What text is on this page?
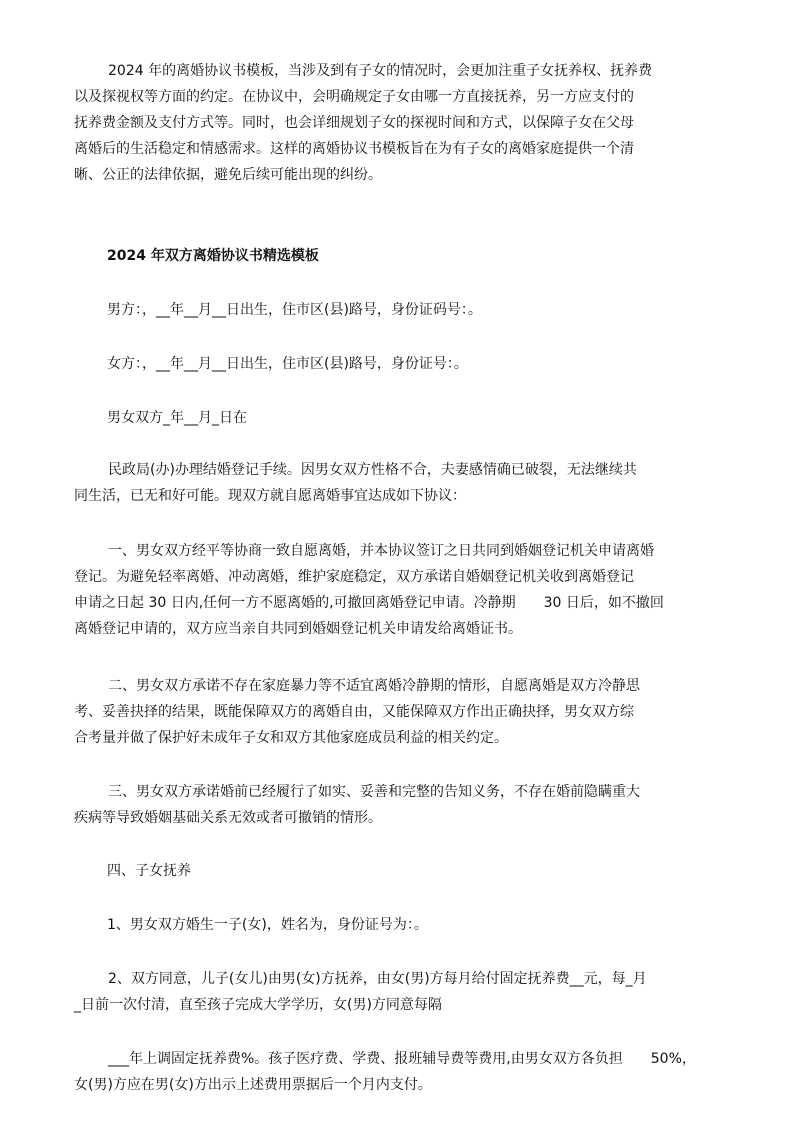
2024 年的离婚协议书模板，当涉及到有子女的情况时，会更加注重子女抚养权、抚养费
以及探视权等方面的约定。在协议中，会明确规定子女由哪一方直接抚养，另一方应支付的
抚养费金额及支付方式等。同时，也会详细规划子女的探视时间和方式，以保障子女在父母
离婚后的生活稳定和情感需求。这样的离婚协议书模板旨在为有子女的离婚家庭提供一个清
晰、公正的法律依据，避免后续可能出现的纠纷。

2024 年双方离婚协议书精选模板

男方：，__年__月__日出生，住市区(县)路号，身份证码号：。

女方：，__年__月__日出生，住市区(县)路号，身份证号：。

男女双方_年__月_日在

民政局(办)办理结婚登记手续。因男女双方性格不合，夫妻感情确已破裂，无法继续共
同生活，已无和好可能。现双方就自愿离婚事宜达成如下协议：

一、男女双方经平等协商一致自愿离婚，并本协议签订之日共同到婚姻登记机关申请离婚
登记。为避免轻率离婚、冲动离婚，维护家庭稳定，双方承诺自婚姻登记机关收到离婚登记
申请之日起 30 日内,任何一方不愿离婚的,可撤回离婚登记申请。冷静期　　30 日后，如不撤回
离婚登记申请的，双方应当亲自共同到婚姻登记机关申请发给离婚证书。

二、男女双方承诺不存在家庭暴力等不适宜离婚冷静期的情形，自愿离婚是双方冷静思
考、妥善抉择的结果，既能保障双方的离婚自由，又能保障双方作出正确抉择，男女双方综
合考量并做了保护好未成年子女和双方其他家庭成员利益的相关约定。

三、男女双方承诺婚前已经履行了如实、妥善和完整的告知义务，不存在婚前隐瞒重大
疾病等导致婚姻基础关系无效或者可撤销的情形。

四、子女抚养

1、男女双方婚生一子(女)，姓名为，身份证号为：。

2、双方同意，儿子(女儿)由男(女)方抚养，由女(男)方每月给付固定抚养费__元，每_月
_日前一次付清，直至孩子完成大学学历，女(男)方同意每隔

___年上调固定抚养费%。孩子医疗费、学费、报班辅导费等费用,由男女双方各负担　　50%，
女(男)方应在男(女)方出示上述费用票据后一个月内支付。
